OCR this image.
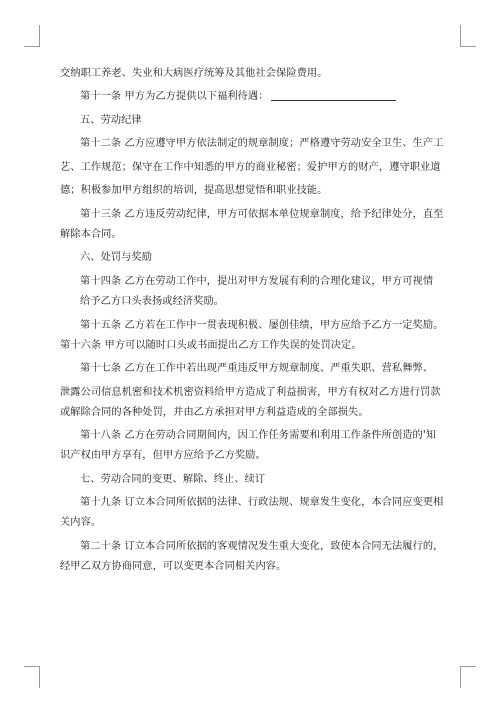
交纳职工养老、失业和大病医疗统筹及其他社会保险费用。
第十一条 甲方为乙方提供以下福利待遇：
五、劳动纪律
第十二条 乙方应遵守甲方依法制定的规章制度；严格遵守劳动安全卫生、生产工
艺、工作规范；保守在工作中知悉的甲方的商业秘密；爱护甲方的财产，遵守职业道
德；积极参加甲方组织的培训，提高思想觉悟和职业技能。
第十三条 乙方违反劳动纪律，甲方可依据本单位规章制度，给予纪律处分，直至
解除本合同。
六、处罚与奖励
第十四条 乙方在劳动工作中，提出对甲方发展有利的合理化建议，甲方可视情
给予乙方口头表扬或经济奖励。
第十五条 乙方若在工作中一贯表现积极、屡创佳绩，甲方应给予乙方一定奖励。
第十六条 甲方可以随时口头或书面提出乙方工作失误的处罚决定。
第十七条 乙方在工作中若出现严重违反甲方规章制度、严重失职、营私舞弊、
泄露公司信息机密和技术机密资料给甲方造成了利益损害，甲方有权对乙方进行罚款
或解除合同的各种处罚，并由乙方承担对甲方利益造成的全部损失。
第十八条 乙方在劳动合同期间内，因工作任务需要和利用工作条件所创造的'知
识产权由甲方享有，但甲方应给予乙方奖励。
七、劳动合同的变更、解除、终止、续订
第十九条 订立本合同所依据的法律、行政法规、规章发生变化，本合同应变更相
关内容。
第二十条 订立本合同所依据的客观情况发生重大变化，致使本合同无法履行的，
经甲乙双方协商同意，可以变更本合同相关内容。
